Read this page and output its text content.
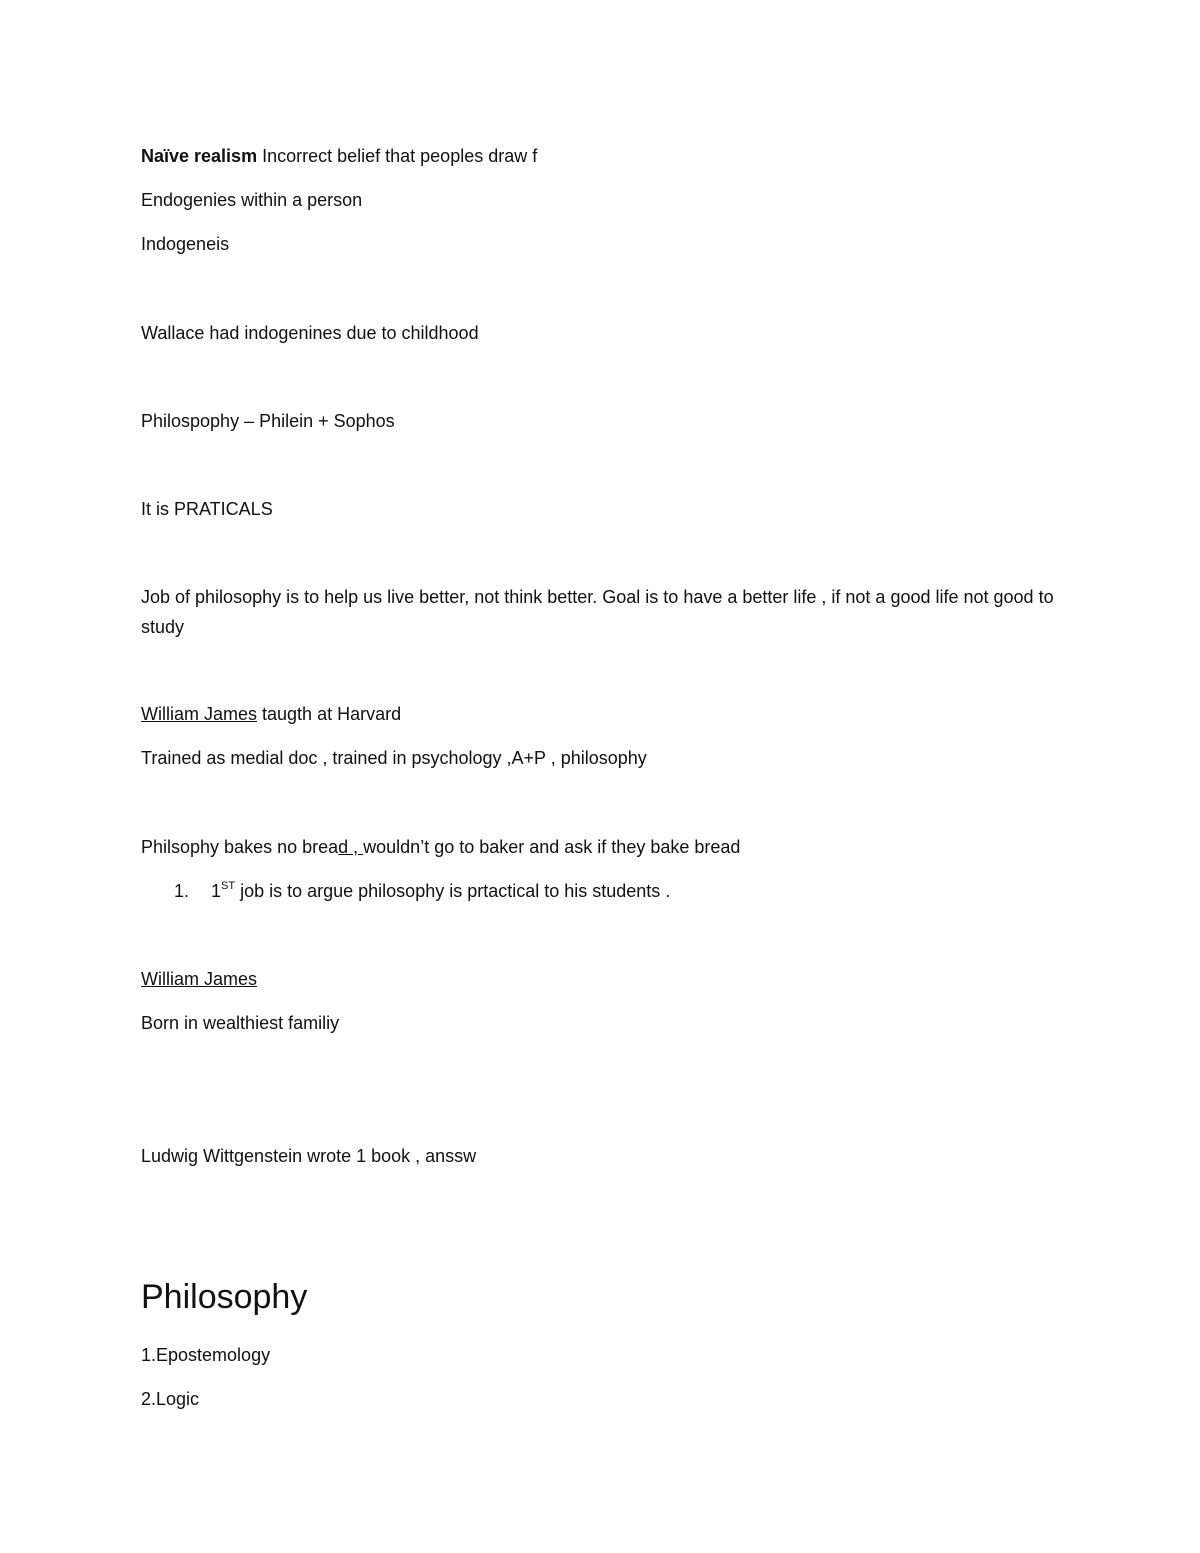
Naïve realism Incorrect belief that peoples draw f

Endogenies within a person

Indogeneis

Wallace had indogenines due to childhood

Philospophy – Philein + Sophos

It is PRATICALS

Job of philosophy is to help us live better, not think better. Goal is to have a better life , if not a good life not good to study

William James taugth at Harvard

Trained as medial doc , trained in psychology ,A+P , philosophy

Philsophy bakes no bread , wouldn’t go to baker and ask if they bake bread

1. 1ST job is to argue philosophy is prtactical to his students .

William James

Born in wealthiest familiy

Ludwig Wittgenstein wrote 1 book , anssw

Philosophy

1.Epostemology

2.Logic
